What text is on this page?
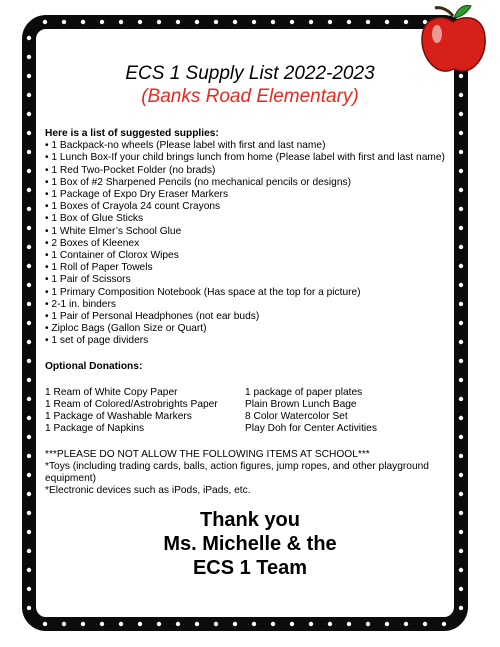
ECS 1 Supply List 2022-2023
(Banks Road Elementary)
Here is a list of suggested supplies:
• 1 Backpack-no wheels (Please label with first and last name)
• 1 Lunch Box-If your child brings lunch from home (Please label with first and last name)
• 1 Red Two-Pocket Folder (no brads)
• 1 Box of #2 Sharpened Pencils (no mechanical pencils or designs)
• 1 Package of Expo Dry Eraser Markers
• 1 Boxes of Crayola 24 count Crayons
• 1 Box of Glue Sticks
• 1 White Elmer’s School Glue
• 2 Boxes of Kleenex
• 1 Container of Clorox Wipes
• 1 Roll of Paper Towels
• 1 Pair of Scissors
• 1 Primary Composition Notebook (Has space at the top for a picture)
• 2-1 in. binders
• 1 Pair of Personal Headphones (not ear buds)
• Ziploc Bags (Gallon Size or Quart)
• 1 set of page dividers
Optional Donations:
1 Ream of White Copy Paper
1 Ream of Colored/Astrobrights Paper
1 Package of Washable Markers
1 Package of Napkins
1 package of paper plates
Plain Brown Lunch Bage
8 Color Watercolor Set
Play Doh for Center Activities
***PLEASE DO NOT ALLOW THE FOLLOWING ITEMS AT SCHOOL***
*Toys (including trading cards, balls, action figures, jump ropes, and other playground
equipment)
*Electronic devices such as iPods, iPads, etc.
Thank you
Ms. Michelle & the
ECS 1 Team
